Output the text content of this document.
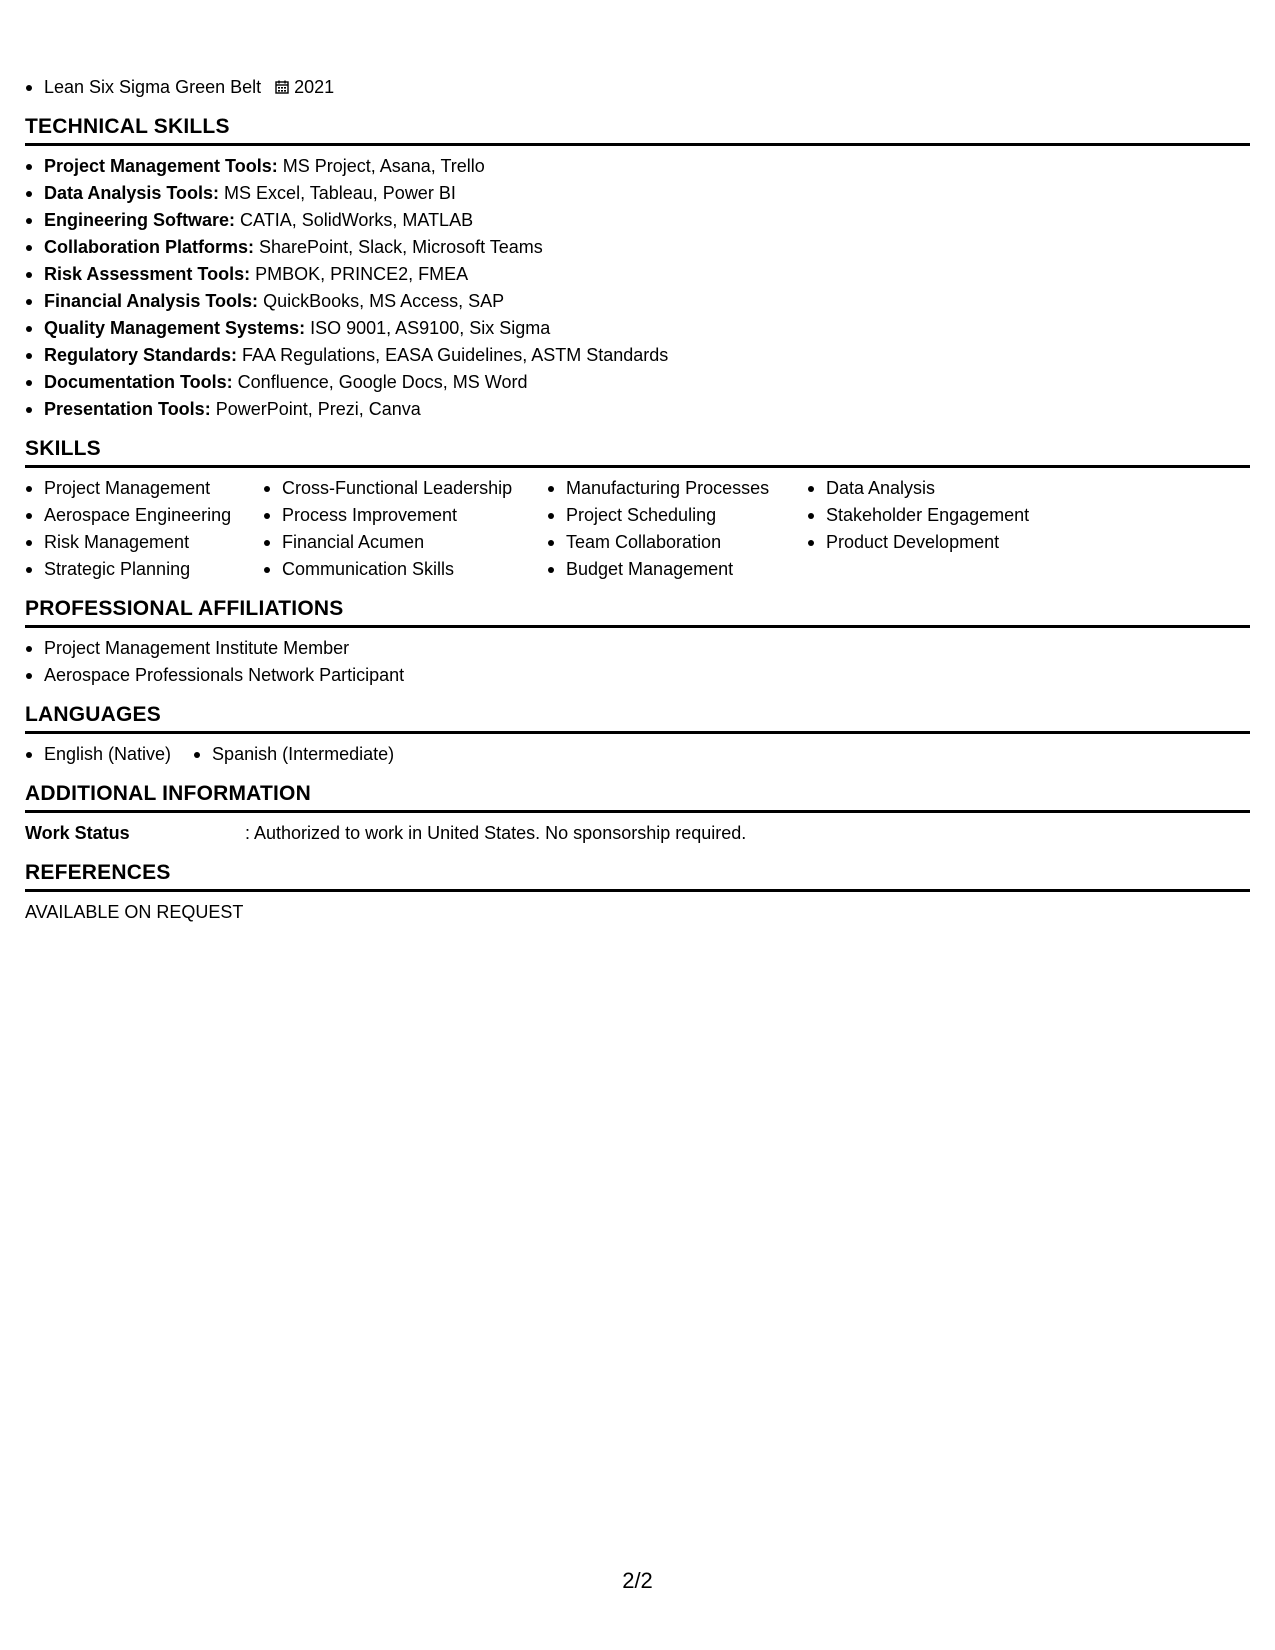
Lean Six Sigma Green Belt 2021
TECHNICAL SKILLS
Project Management Tools: MS Project, Asana, Trello
Data Analysis Tools: MS Excel, Tableau, Power BI
Engineering Software: CATIA, SolidWorks, MATLAB
Collaboration Platforms: SharePoint, Slack, Microsoft Teams
Risk Assessment Tools: PMBOK, PRINCE2, FMEA
Financial Analysis Tools: QuickBooks, MS Access, SAP
Quality Management Systems: ISO 9001, AS9100, Six Sigma
Regulatory Standards: FAA Regulations, EASA Guidelines, ASTM Standards
Documentation Tools: Confluence, Google Docs, MS Word
Presentation Tools: PowerPoint, Prezi, Canva
SKILLS
Project Management
Aerospace Engineering
Risk Management
Strategic Planning
Cross-Functional Leadership
Process Improvement
Financial Acumen
Communication Skills
Manufacturing Processes
Project Scheduling
Team Collaboration
Budget Management
Data Analysis
Stakeholder Engagement
Product Development
PROFESSIONAL AFFILIATIONS
Project Management Institute Member
Aerospace Professionals Network Participant
LANGUAGES
English (Native)	Spanish (Intermediate)
ADDITIONAL INFORMATION
Work Status	: Authorized to work in United States. No sponsorship required.
REFERENCES
AVAILABLE ON REQUEST
2/2
